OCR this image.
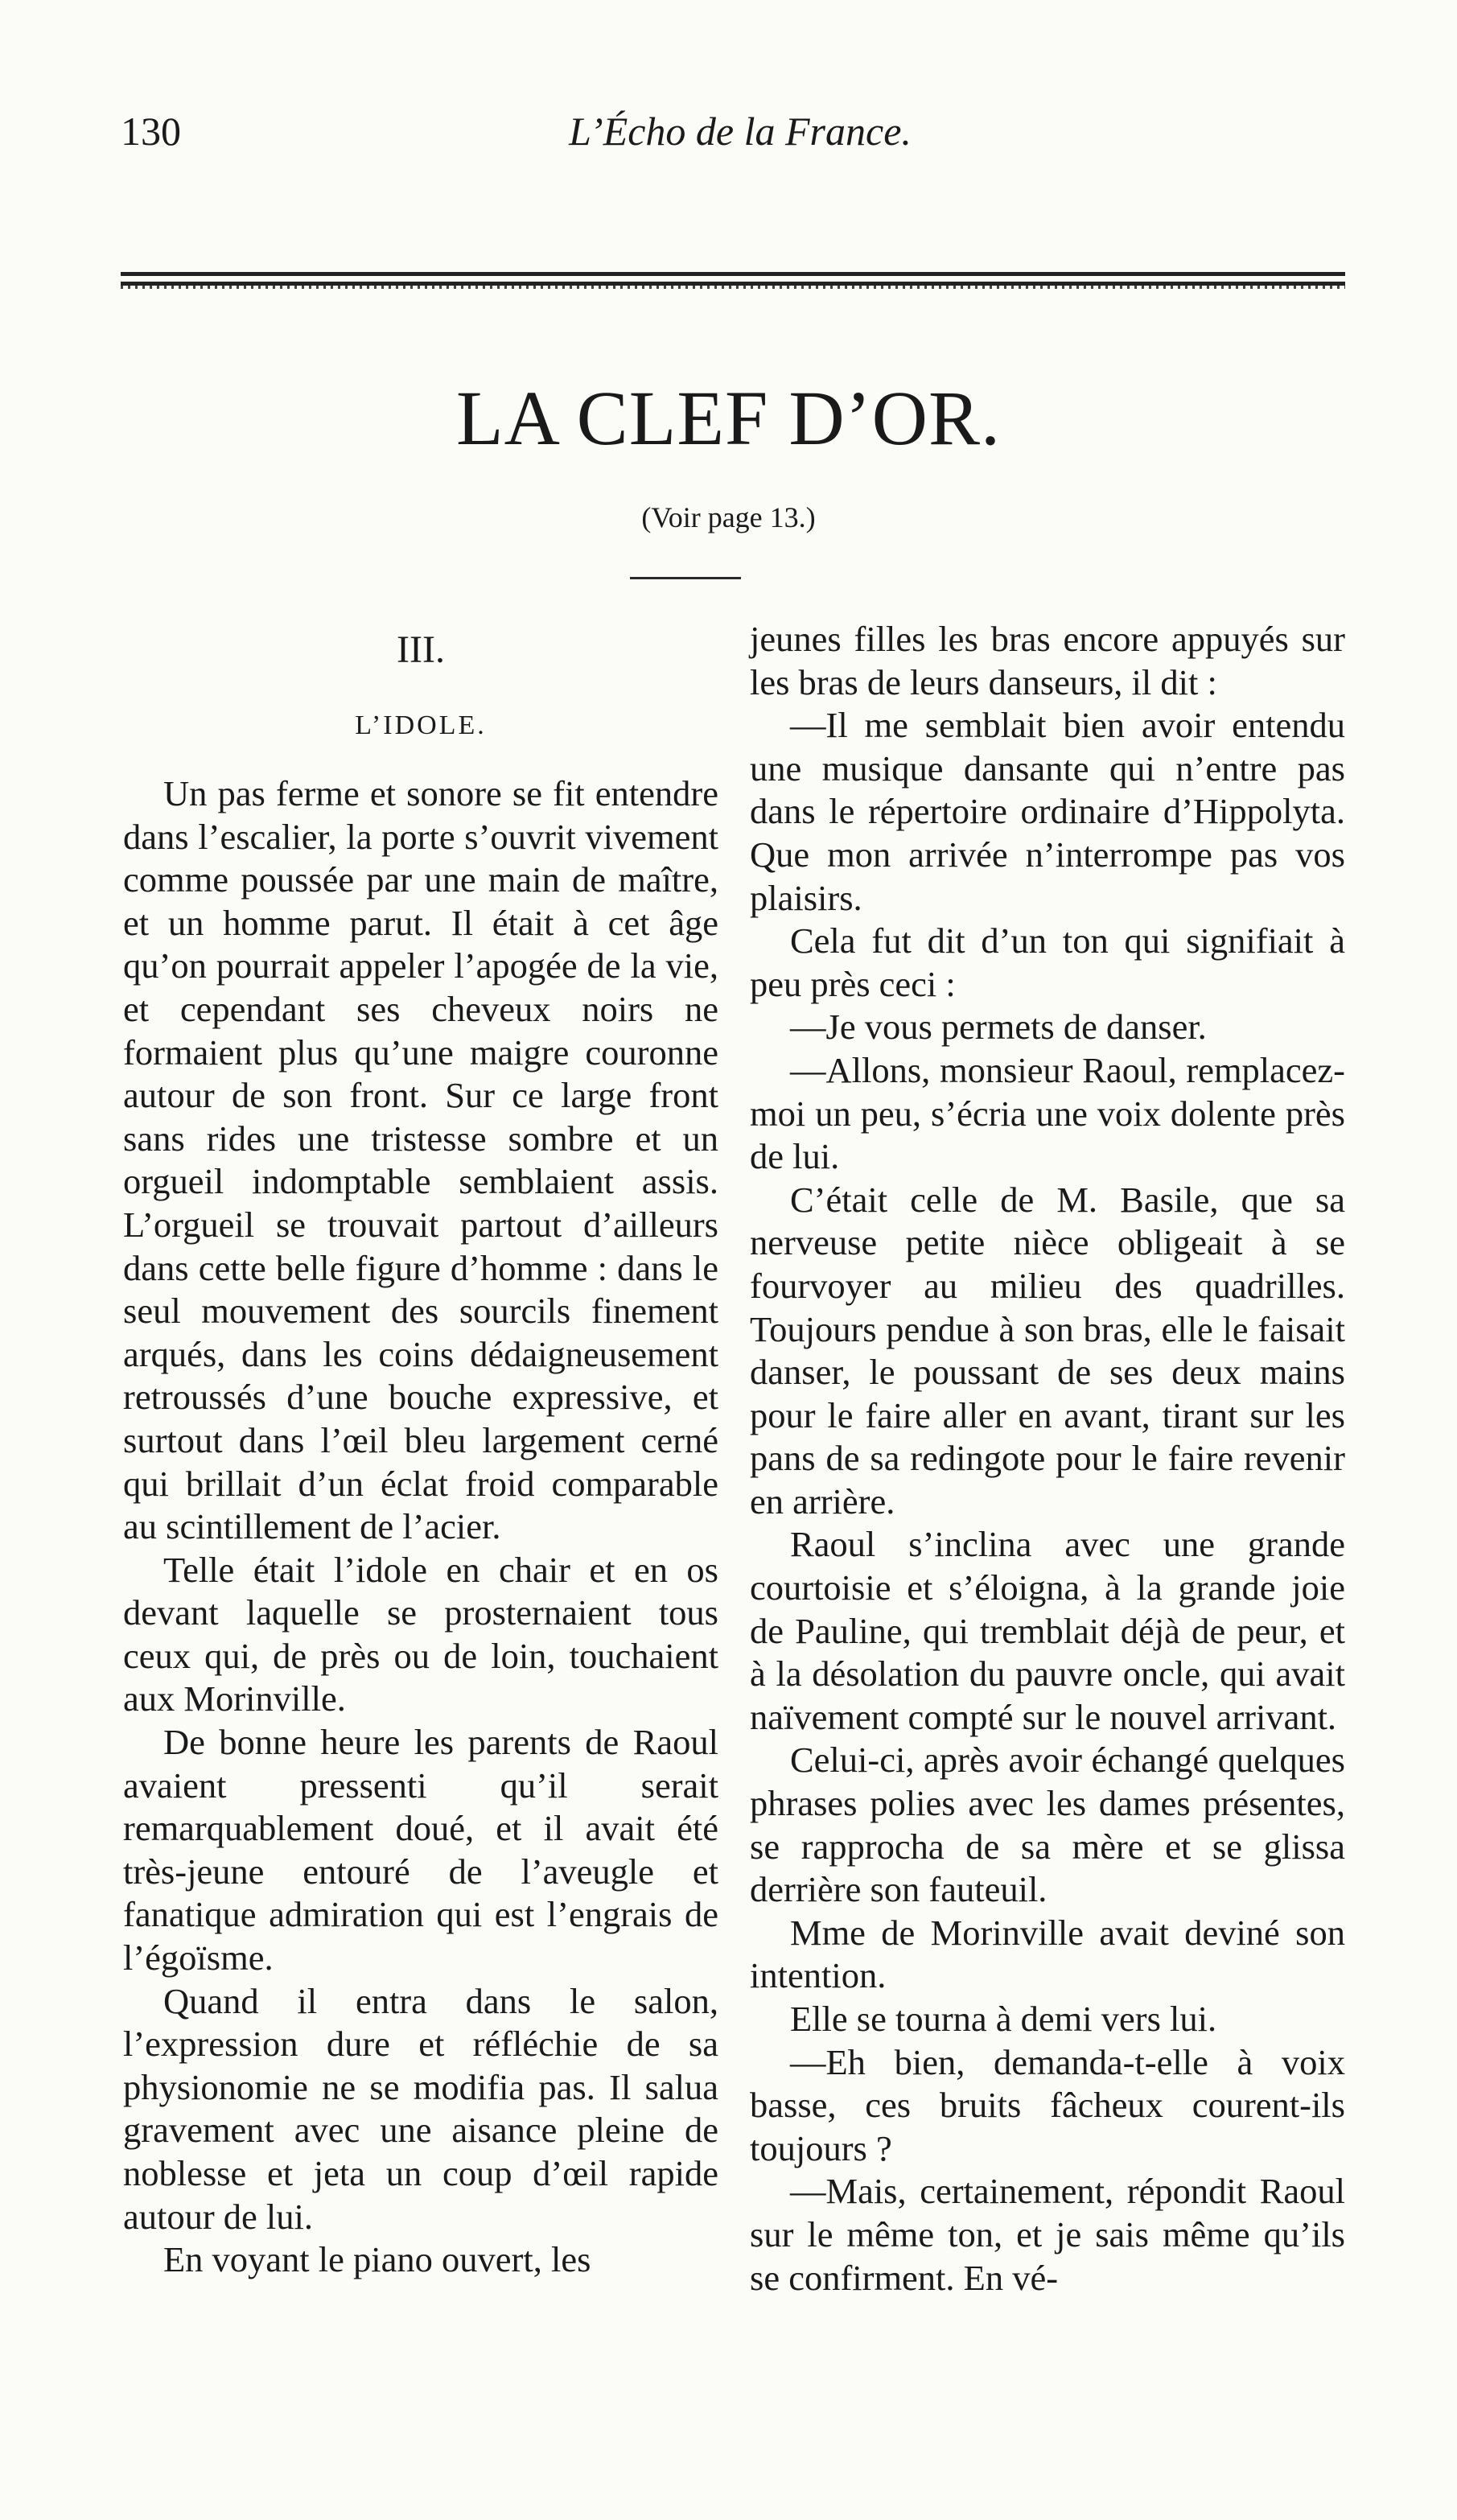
130	L’Écho de la France.
LA CLEF D’OR.
(Voir page 13.)
III.
L’IDOLE.

Un pas ferme et sonore se fit entendre dans l’escalier, la porte s’ouvrit vivement comme poussée par une main de maître, et un homme parut. Il était à cet âge qu’on pourrait appeler l’apogée de la vie, et cependant ses cheveux noirs ne formaient plus qu’une maigre couronne autour de son front. Sur ce large front sans rides une tristesse sombre et un orgueil indomptable semblaient assis. L’orgueil se trouvait partout d’ailleurs dans cette belle figure d’homme : dans le seul mouvement des sourcils finement arqués, dans les coins dédaigneusement retroussés d’une bouche expressive, et surtout dans l’œil bleu largement cerné qui brillait d’un éclat froid comparable au scintillement de l’acier.

Telle était l’idole en chair et en os devant laquelle se prosternaient tous ceux qui, de près ou de loin, touchaient aux Morinville.

De bonne heure les parents de Raoul avaient pressenti qu’il serait remarquablement doué, et il avait été très-jeune entouré de l’aveugle et fanatique admiration qui est l’engrais de l’égoïsme.

Quand il entra dans le salon, l’expression dure et réfléchie de sa physionomie ne se modifia pas. Il salua gravement avec une aisance pleine de noblesse et jeta un coup d’œil rapide autour de lui.

En voyant le piano ouvert, les

jeunes filles les bras encore appuyés sur les bras de leurs danseurs, il dit :

—Il me semblait bien avoir entendu une musique dansante qui n’entre pas dans le répertoire ordinaire d’Hippolyta. Que mon arrivée n’interrompe pas vos plaisirs.

Cela fut dit d’un ton qui signifiait à peu près ceci :

—Je vous permets de danser.

—Allons, monsieur Raoul, remplacez-moi un peu, s’écria une voix dolente près de lui.

C’était celle de M. Basile, que sa nerveuse petite nièce obligeait à se fourvoyer au milieu des quadrilles. Toujours pendue à son bras, elle le faisait danser, le poussant de ses deux mains pour le faire aller en avant, tirant sur les pans de sa redingote pour le faire revenir en arrière.

Raoul s’inclina avec une grande courtoisie et s’éloigna, à la grande joie de Pauline, qui tremblait déjà de peur, et à la désolation du pauvre oncle, qui avait naïvement compté sur le nouvel arrivant.

Celui-ci, après avoir échangé quelques phrases polies avec les dames présentes, se rapprocha de sa mère et se glissa derrière son fauteuil.

Mme de Morinville avait deviné son intention.

Elle se tourna à demi vers lui.

—Eh bien, demanda-t-elle à voix basse, ces bruits fâcheux courent-ils toujours ?

—Mais, certainement, répondit Raoul sur le même ton, et je sais même qu’ils se confirment. En vé-
